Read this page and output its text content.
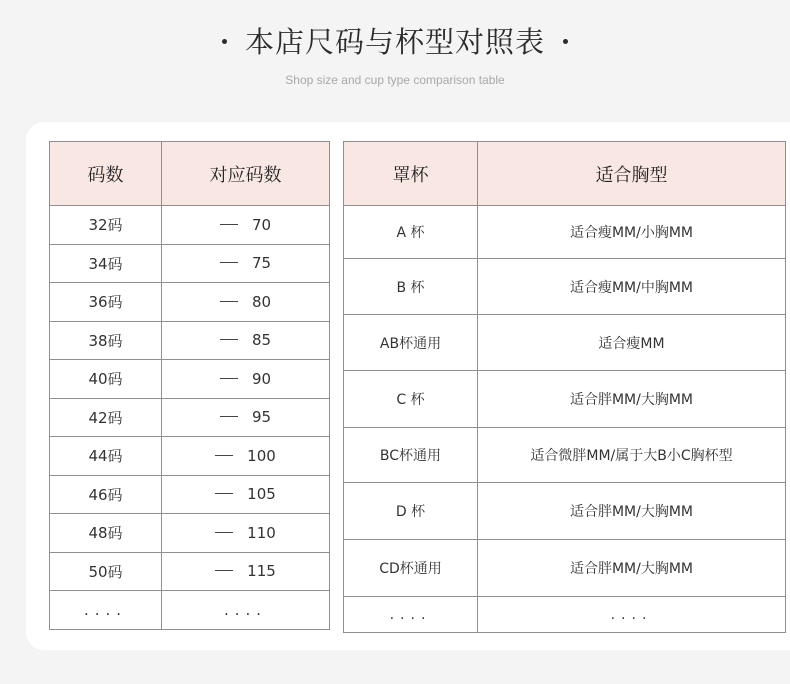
本店尺码与杯型对照表
Shop size and cup type comparison table
码数	对应码数
32码	70
34码	75
36码	80
38码	85
40码	90
42码	95
44码	100
46码	105
48码	110
50码	115
....	....
罩杯	适合胸型
A 杯	适合瘦MM/小胸MM
B 杯	适合瘦MM/中胸MM
AB杯通用	适合瘦MM
C 杯	适合胖MM/大胸MM
BC杯通用	适合微胖MM/属于大B小C胸杯型
D 杯	适合胖MM/大胸MM
CD杯通用	适合胖MM/大胸MM
....	....
